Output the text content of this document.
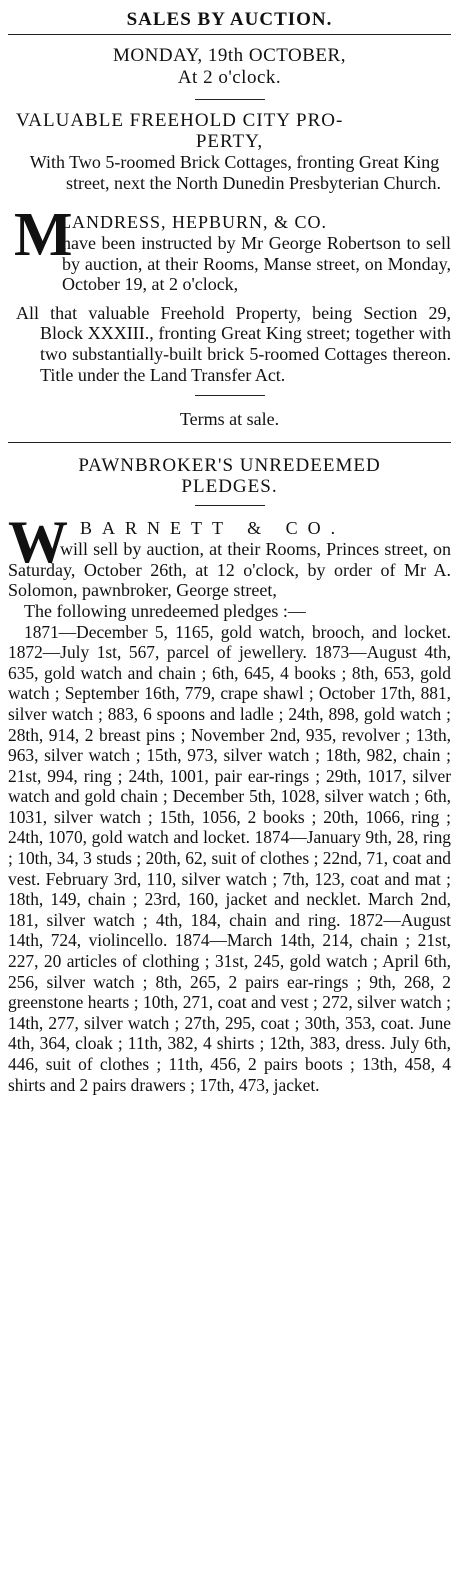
SALES BY AUCTION.

MONDAY, 19th OCTOBER,

At 2 o'clock.

VALUABLE FREEHOLD CITY PRO-

PERTY,

With Two 5-roomed Brick Cottages, fronting Great King street, next the North Dunedin Presbyterian Church.

M

LANDRESS, HEPBURN, & CO.

have been instructed by Mr George Robertson to sell by auction, at their Rooms, Manse street, on Monday, October 19, at 2 o'clock,

All that valuable Freehold Property, being Section 29, Block XXXIII., fronting Great King street; together with two substantially-built brick 5-roomed Cottages thereon. Title under the Land Transfer Act.

Terms at sale.

PAWNBROKER'S UNREDEEMED

PLEDGES.

W BARNETT & CO.

will sell by auction, at their Rooms, Princes street, on Saturday, October 26th, at 12 o'clock, by order of Mr A. Solomon, pawnbroker, George street,

The following unredeemed pledges :—

1871—December 5, 1165, gold watch, brooch, and locket. 1872—July 1st, 567, parcel of jewellery. 1873—August 4th, 635, gold watch and chain ; 6th, 645, 4 books ; 8th, 653, gold watch ; September 16th, 779, crape shawl ; October 17th, 881, silver watch ; 883, 6 spoons and ladle ; 24th, 898, gold watch ; 28th, 914, 2 breast pins ; November 2nd, 935, revolver ; 13th, 963, silver watch ; 15th, 973, silver watch ; 18th, 982, chain ; 21st, 994, ring ; 24th, 1001, pair ear-rings ; 29th, 1017, silver watch and gold chain ; December 5th, 1028, silver watch ; 6th, 1031, silver watch ; 15th, 1056, 2 books ; 20th, 1066, ring ; 24th, 1070, gold watch and locket. 1874—January 9th, 28, ring ; 10th, 34, 3 studs ; 20th, 62, suit of clothes ; 22nd, 71, coat and vest. February 3rd, 110, silver watch ; 7th, 123, coat and mat ; 18th, 149, chain ; 23rd, 160, jacket and necklet. March 2nd, 181, silver watch ; 4th, 184, chain and ring. 1872—August 14th, 724, violincello. 1874—March 14th, 214, chain ; 21st, 227, 20 articles of clothing ; 31st, 245, gold watch ; April 6th, 256, silver watch ; 8th, 265, 2 pairs ear-rings ; 9th, 268, 2 greenstone hearts ; 10th, 271, coat and vest ; 272, silver watch ; 14th, 277, silver watch ; 27th, 295, coat ; 30th, 353, coat. June 4th, 364, cloak ; 11th, 382, 4 shirts ; 12th, 383, dress. July 6th, 446, suit of clothes ; 11th, 456, 2 pairs boots ; 13th, 458, 4 shirts and 2 pairs drawers ; 17th, 473, jacket.
